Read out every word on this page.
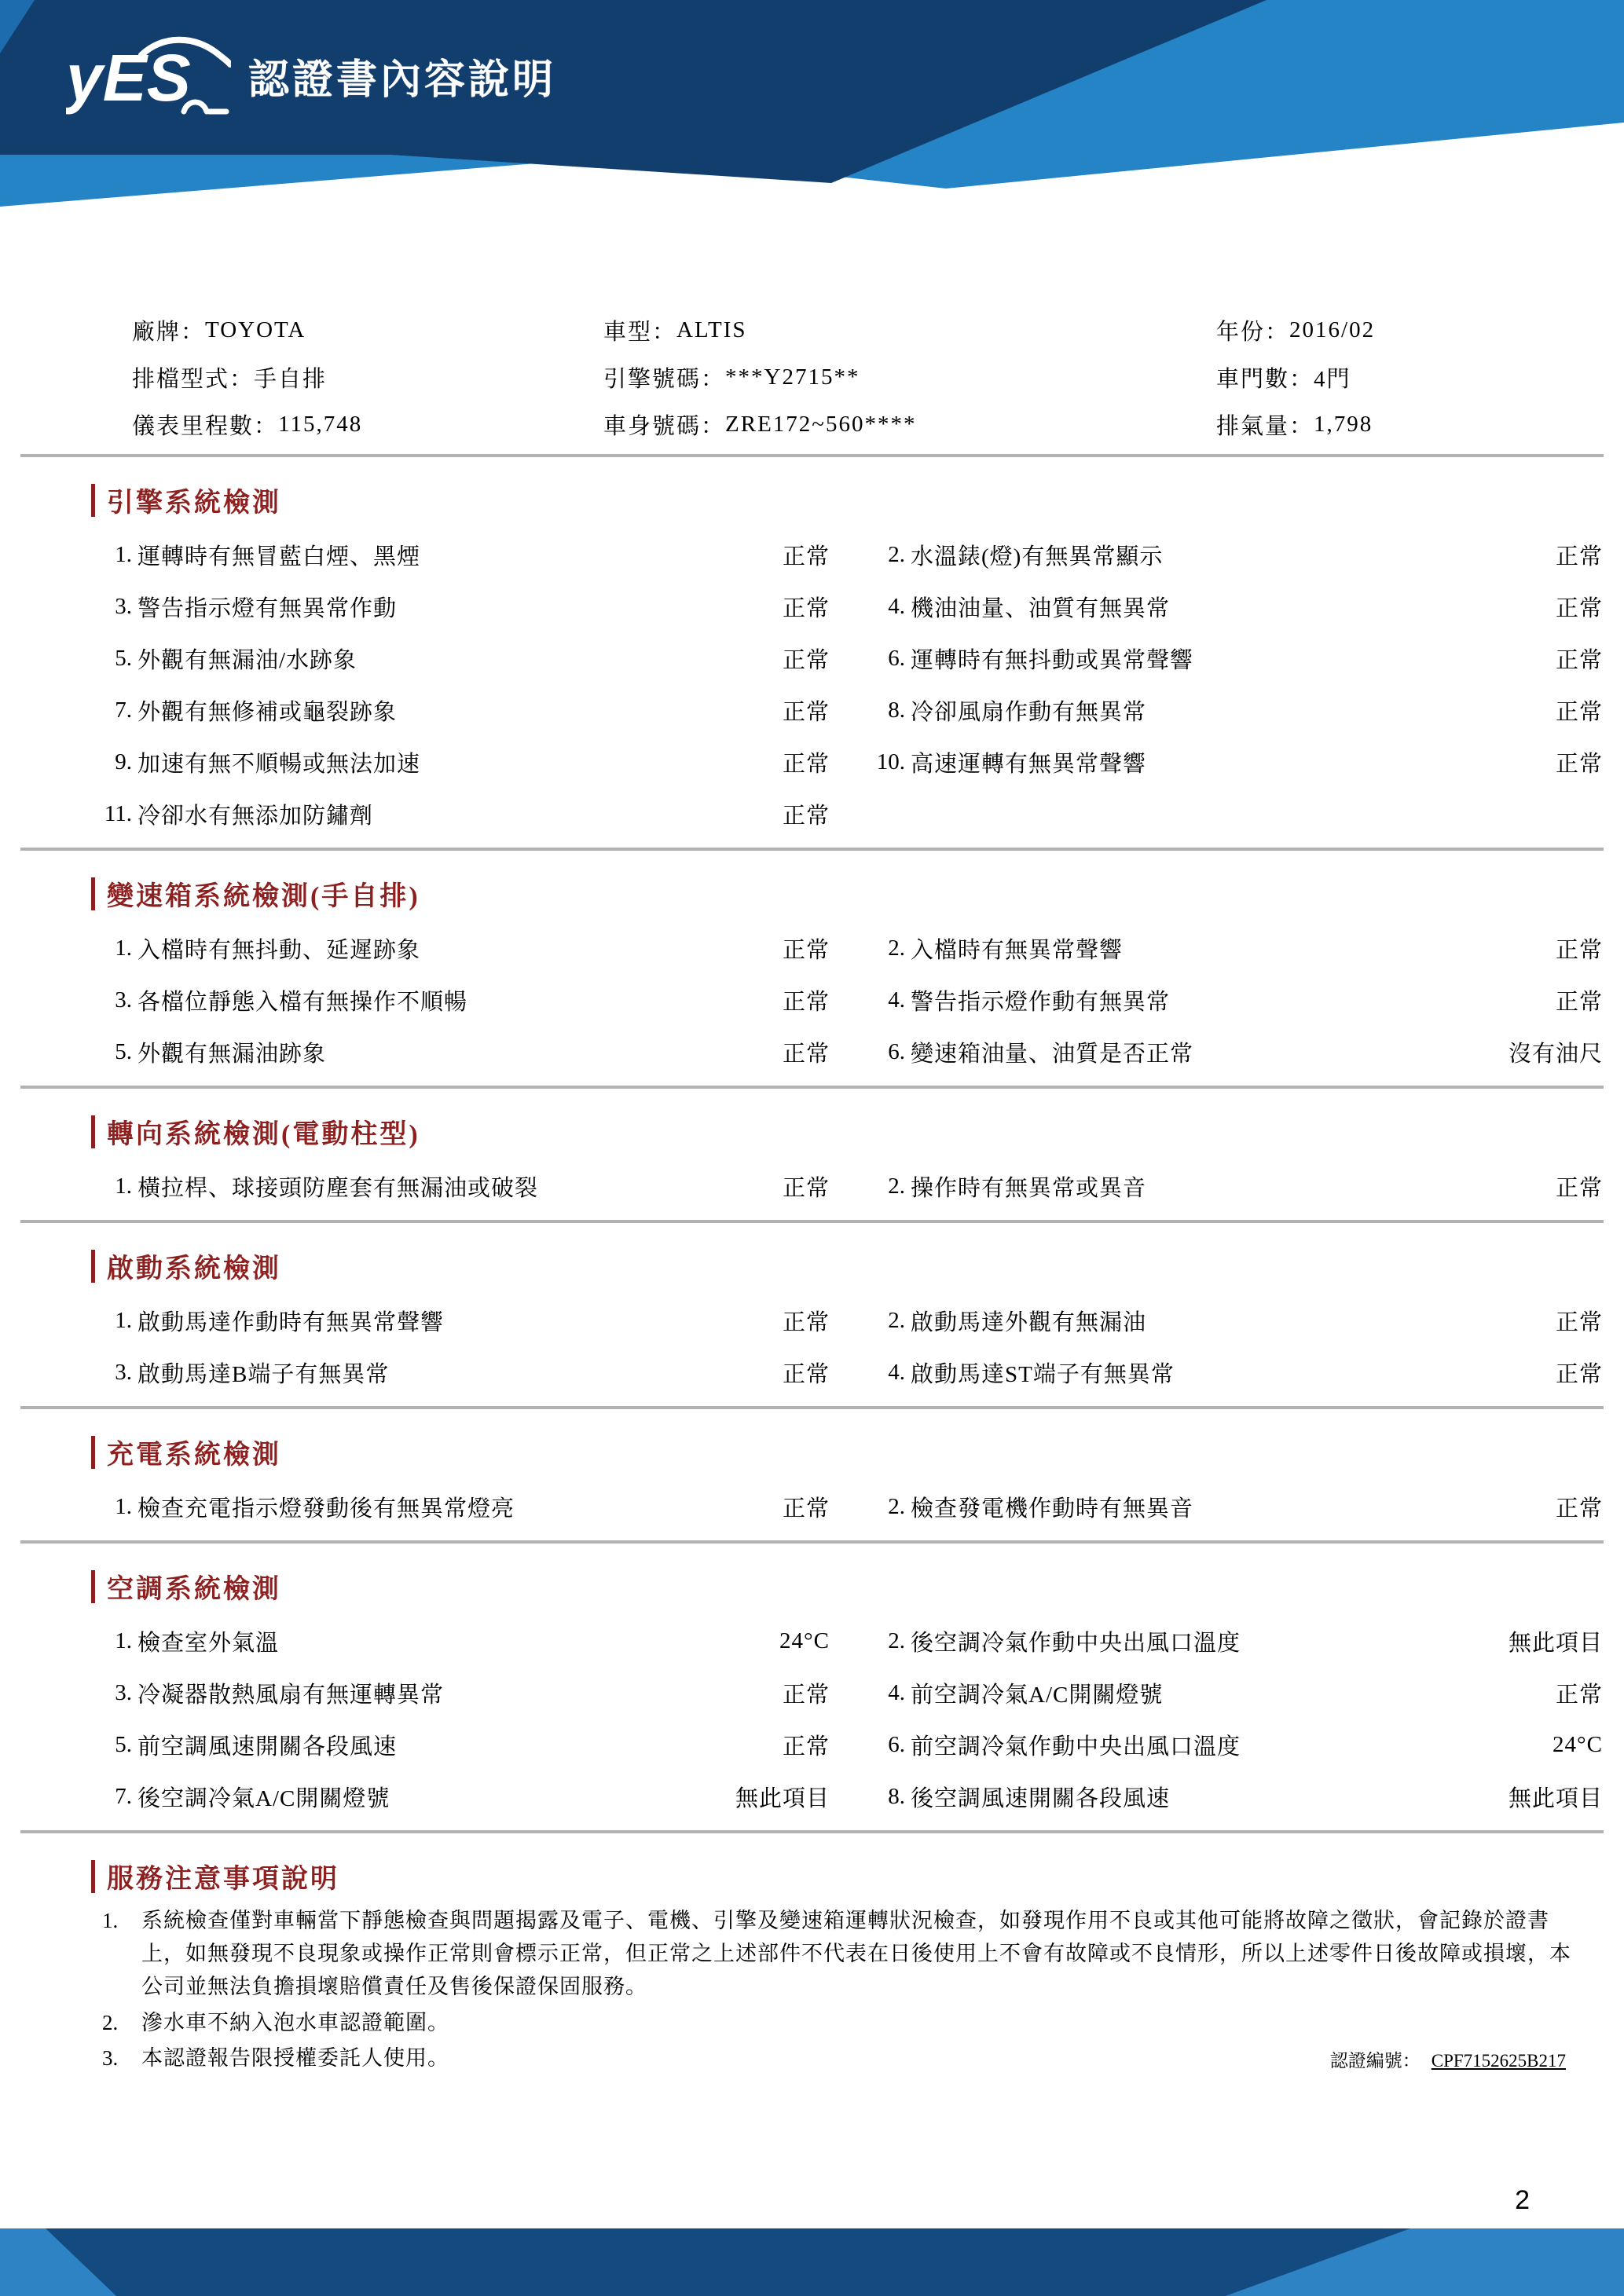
yES 認證書內容說明
廠牌： TOYOTA	車型： ALTIS	年份： 2016/02
排檔型式： 手自排	引擎號碼： ***Y2715**	車門數： 4門
儀表里程數： 115,748	車身號碼： ZRE172~560****	排氣量： 1,798
引擎系統檢測
1. 運轉時有無冒藍白煙、黑煙	正常	2. 水溫錶(燈)有無異常顯示	正常
3. 警告指示燈有無異常作動	正常	4. 機油油量、油質有無異常	正常
5. 外觀有無漏油/水跡象	正常	6. 運轉時有無抖動或異常聲響	正常
7. 外觀有無修補或龜裂跡象	正常	8. 冷卻風扇作動有無異常	正常
9. 加速有無不順暢或無法加速	正常	10. 高速運轉有無異常聲響	正常
11. 冷卻水有無添加防鏽劑	正常
變速箱系統檢測(手自排)
1. 入檔時有無抖動、延遲跡象	正常	2. 入檔時有無異常聲響	正常
3. 各檔位靜態入檔有無操作不順暢	正常	4. 警告指示燈作動有無異常	正常
5. 外觀有無漏油跡象	正常	6. 變速箱油量、油質是否正常	沒有油尺
轉向系統檢測(電動柱型)
1. 橫拉桿、球接頭防塵套有無漏油或破裂	正常	2. 操作時有無異常或異音	正常
啟動系統檢測
1. 啟動馬達作動時有無異常聲響	正常	2. 啟動馬達外觀有無漏油	正常
3. 啟動馬達B端子有無異常	正常	4. 啟動馬達ST端子有無異常	正常
充電系統檢測
1. 檢查充電指示燈發動後有無異常燈亮	正常	2. 檢查發電機作動時有無異音	正常
空調系統檢測
1. 檢查室外氣溫	24°C	2. 後空調冷氣作動中央出風口溫度	無此項目
3. 冷凝器散熱風扇有無運轉異常	正常	4. 前空調冷氣A/C開關燈號	正常
5. 前空調風速開關各段風速	正常	6. 前空調冷氣作動中央出風口溫度	24°C
7. 後空調冷氣A/C開關燈號	無此項目	8. 後空調風速開關各段風速	無此項目
服務注意事項說明
1.	系統檢查僅對車輛當下靜態檢查與問題揭露及電子、電機、引擎及變速箱運轉狀況檢查，如發現作用不良或其他可能將故障之徵狀，會記錄於證書上，如無發現不良現象或操作正常則會標示正常，但正常之上述部件不代表在日後使用上不會有故障或不良情形，所以上述零件日後故障或損壞，本公司並無法負擔損壞賠償責任及售後保證保固服務。
2.	滲水車不納入泡水車認證範圍。
3.	本認證報告限授權委託人使用。	認證編號： CPF7152625B217
2
